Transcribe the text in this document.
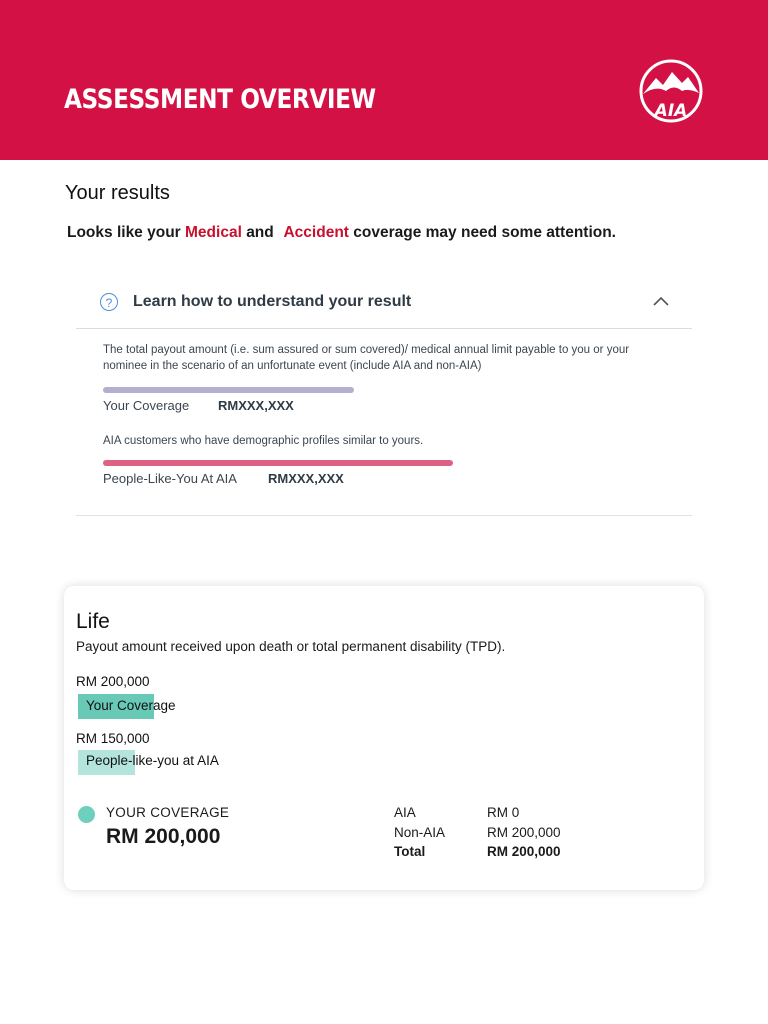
ASSESSMENT OVERVIEW	AIA
Your results
Looks like your Medical and Accident coverage may need some attention.
?	Learn how to understand your result
The total payout amount (i.e. sum assured or sum covered)/ medical annual limit payable to you or your nominee in the scenario of an unfortunate event (include AIA and non-AIA)
Your Coverage RMXXX,XXX
AIA customers who have demographic profiles similar to yours.
People-Like-You At AIA RMXXX,XXX
Life
Payout amount received upon death or total permanent disability (TPD).
RM 200,000
Your Coverage
RM 150,000
People-like-you at AIA
YOUR COVERAGE
RM 200,000
AIA	RM 0
Non-AIA	RM 200,000
Total	RM 200,000
